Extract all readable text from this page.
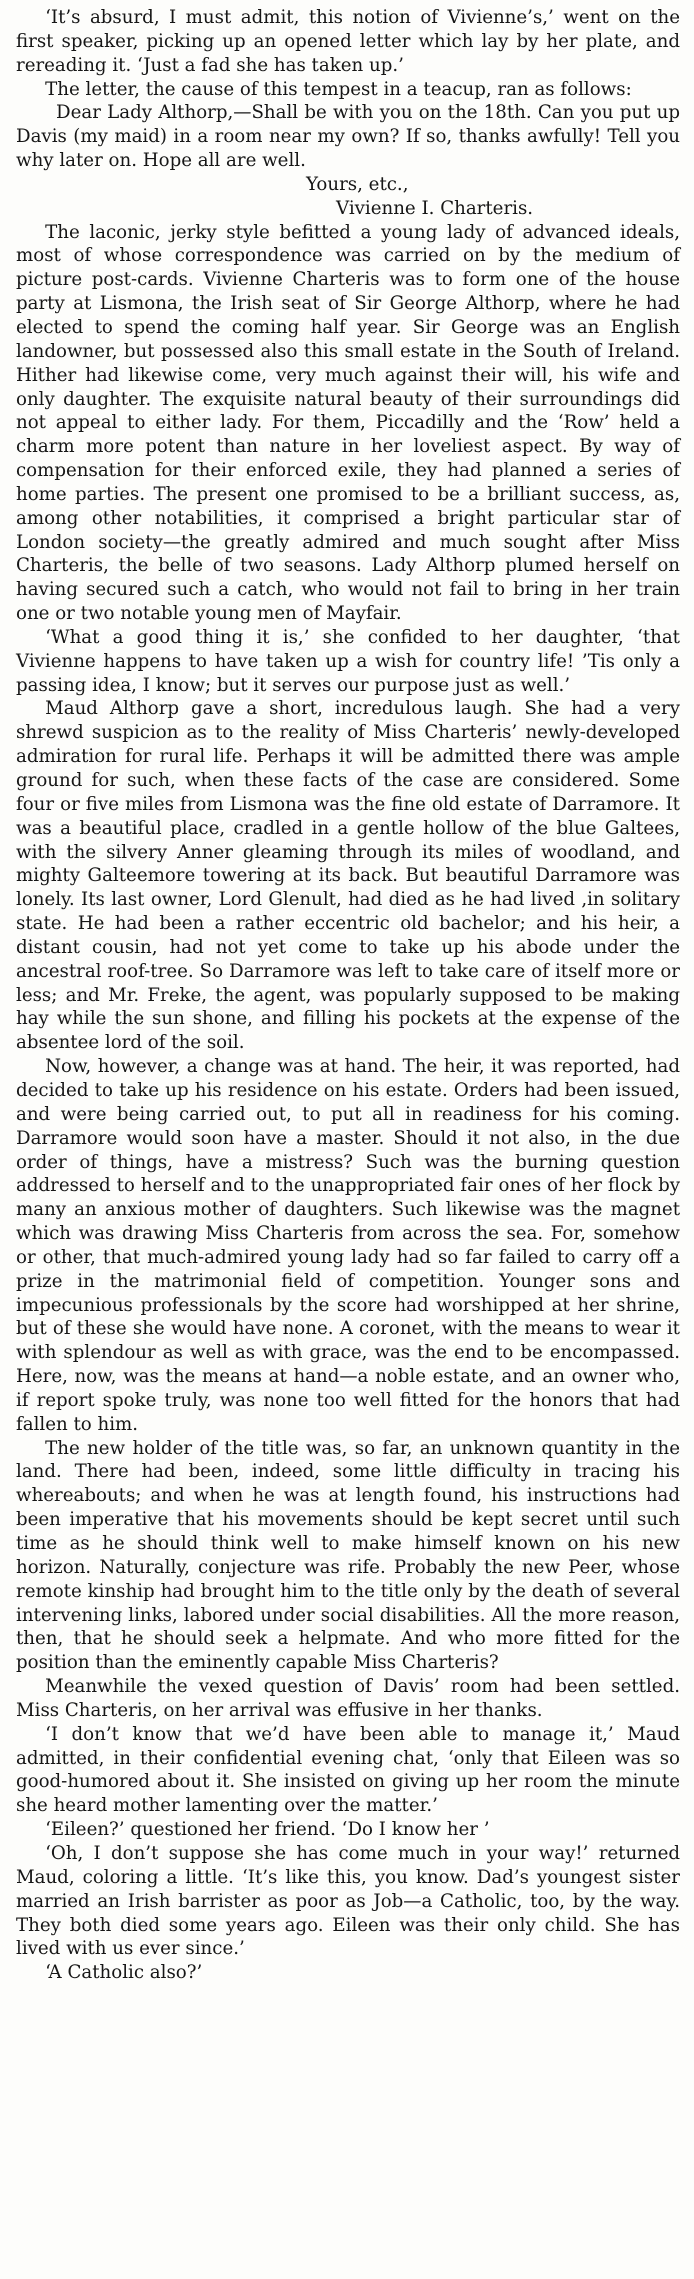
‘It’s absurd, I must admit, this notion of Vivienne’s,’ went on the first speaker, picking up an opened letter which lay by her plate, and rereading it. ‘Just a fad she has taken up.’

The letter, the cause of this tempest in a teacup, ran as follows:

Dear Lady Althorp,—Shall be with you on the 18th. Can you put up Davis (my maid) in a room near my own? If so, thanks awfully! Tell you why later on. Hope all are well.

Yours, etc.,

Vivienne I. Charteris.

The laconic, jerky style befitted a young lady of advanced ideals, most of whose correspondence was carried on by the medium of picture post-cards. Vivienne Charteris was to form one of the house party at Lismona, the Irish seat of Sir George Althorp, where he had elected to spend the coming half year. Sir George was an English landowner, but possessed also this small estate in the South of Ireland. Hither had likewise come, very much against their will, his wife and only daughter. The exquisite natural beauty of their surroundings did not appeal to either lady. For them, Piccadilly and the ‘Row’ held a charm more potent than nature in her loveliest aspect. By way of compensation for their enforced exile, they had planned a series of home parties. The present one promised to be a brilliant success, as, among other notabilities, it comprised a bright particular star of London society—the greatly admired and much sought after Miss Charteris, the belle of two seasons. Lady Althorp plumed herself on having secured such a catch, who would not fail to bring in her train one or two notable young men of Mayfair.

‘What a good thing it is,’ she confided to her daughter, ‘that Vivienne happens to have taken up a wish for country life! ’Tis only a passing idea, I know; but it serves our purpose just as well.’

Maud Althorp gave a short, incredulous laugh. She had a very shrewd suspicion as to the reality of Miss Charteris’ newly-developed admiration for rural life. Perhaps it will be admitted there was ample ground for such, when these facts of the case are considered. Some four or five miles from Lismona was the fine old estate of Darramore. It was a beautiful place, cradled in a gentle hollow of the blue Galtees, with the silvery Anner gleaming through its miles of woodland, and mighty Galteemore towering at its back. But beautiful Darramore was lonely. Its last owner, Lord Glenult, had died as he had lived ,in solitary state. He had been a rather eccentric old bachelor; and his heir, a distant cousin, had not yet come to take up his abode under the ancestral roof-tree. So Darramore was left to take care of itself more or less; and Mr. Freke, the agent, was popularly supposed to be making hay while the sun shone, and filling his pockets at the expense of the absentee lord of the soil.

Now, however, a change was at hand. The heir, it was reported, had decided to take up his residence on his estate. Orders had been issued, and were being carried out, to put all in readiness for his coming. Darramore would soon have a master. Should it not also, in the due order of things, have a mistress? Such was the burning question addressed to herself and to the unappropriated fair ones of her flock by many an anxious mother of daughters. Such likewise was the magnet which was drawing Miss Charteris from across the sea. For, somehow or other, that much-admired young lady had so far failed to carry off a prize in the matrimonial field of competition. Younger sons and impecunious professionals by the score had worshipped at her shrine, but of these she would have none. A coronet, with the means to wear it with splendour as well as with grace, was the end to be encompassed. Here, now, was the means at hand—a noble estate, and an owner who, if report spoke truly, was none too well fitted for the honors that had fallen to him.

The new holder of the title was, so far, an unknown quantity in the land. There had been, indeed, some little difficulty in tracing his whereabouts; and when he was at length found, his instructions had been imperative that his movements should be kept secret until such time as he should think well to make himself known on his new horizon. Naturally, conjecture was rife. Probably the new Peer, whose remote kinship had brought him to the title only by the death of several intervening links, labored under social disabilities. All the more reason, then, that he should seek a helpmate. And who more fitted for the position than the eminently capable Miss Charteris?

Meanwhile the vexed question of Davis’ room had been settled. Miss Charteris, on her arrival was effusive in her thanks.

‘I don’t know that we’d have been able to manage it,’ Maud admitted, in their confidential evening chat, ‘only that Eileen was so good-humored about it. She insisted on giving up her room the minute she heard mother lamenting over the matter.’

‘Eileen?’ questioned her friend. ‘Do I know her ’

‘Oh, I don’t suppose she has come much in your way!’ returned Maud, coloring a little. ‘It’s like this, you know. Dad’s youngest sister married an Irish barrister as poor as Job—a Catholic, too, by the way. They both died some years ago. Eileen was their only child. She has lived with us ever since.’

‘A Catholic also?’
